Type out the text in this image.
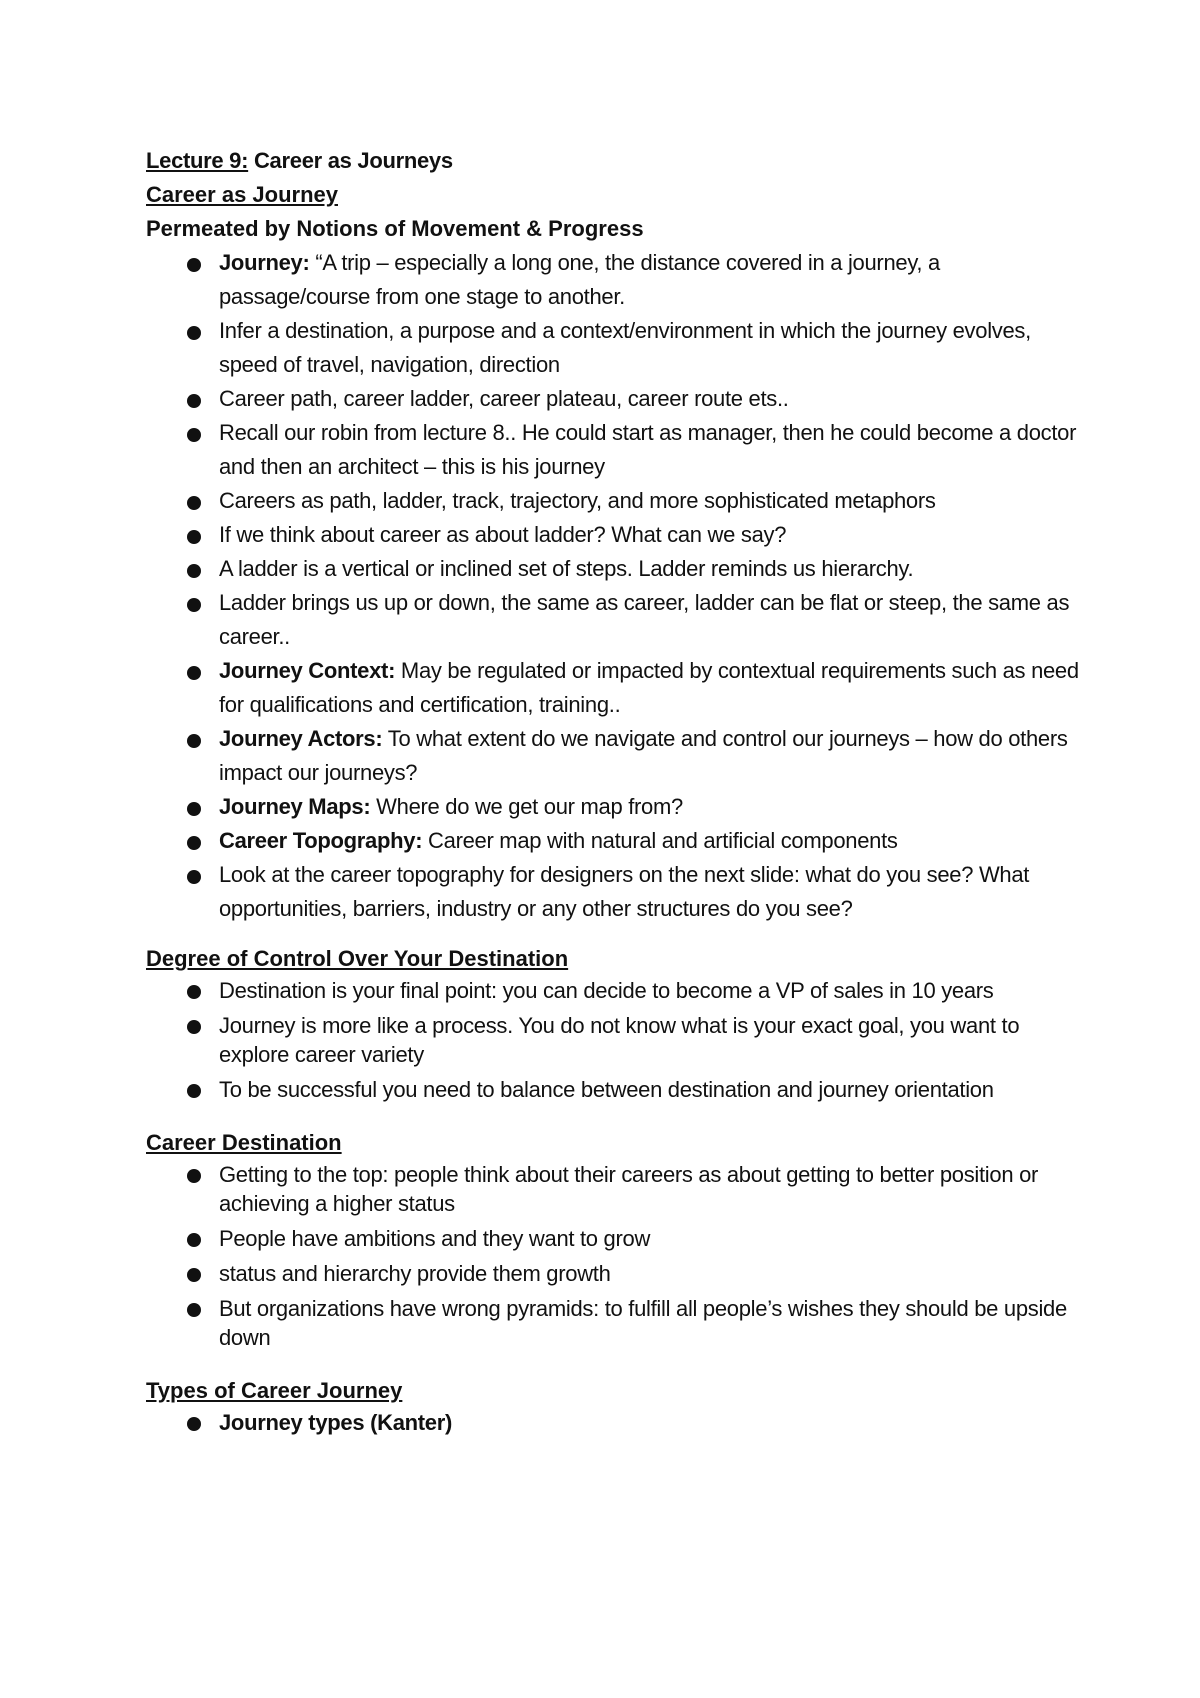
Lecture 9: Career as Journeys
Career as Journey
Permeated by Notions of Movement & Progress
Journey: “A trip – especially a long one, the distance covered in a journey, a passage/course from one stage to another.
Infer a destination, a purpose and a context/environment in which the journey evolves, speed of travel, navigation, direction
Career path, career ladder, career plateau, career route ets..
Recall our robin from lecture 8.. He could start as manager, then he could become a doctor and then an architect – this is his journey
Careers as path, ladder, track, trajectory, and more sophisticated metaphors
If we think about career as about ladder? What can we say?
A ladder is a vertical or inclined set of steps. Ladder reminds us hierarchy.
Ladder brings us up or down, the same as career, ladder can be flat or steep, the same as career..
Journey Context: May be regulated or impacted by contextual requirements such as need for qualifications and certification, training..
Journey Actors: To what extent do we navigate and control our journeys – how do others impact our journeys?
Journey Maps: Where do we get our map from?
Career Topography: Career map with natural and artificial components
Look at the career topography for designers on the next slide: what do you see? What opportunities, barriers, industry or any other structures do you see?
Degree of Control Over Your Destination
Destination is your final point: you can decide to become a VP of sales in 10 years
Journey is more like a process. You do not know what is your exact goal, you want to explore career variety
To be successful you need to balance between destination and journey orientation
Career Destination
Getting to the top: people think about their careers as about getting to better position or achieving a higher status
People have ambitions and they want to grow
status and hierarchy provide them growth
But organizations have wrong pyramids: to fulfill all people’s wishes they should be upside down
Types of Career Journey
Journey types (Kanter)
